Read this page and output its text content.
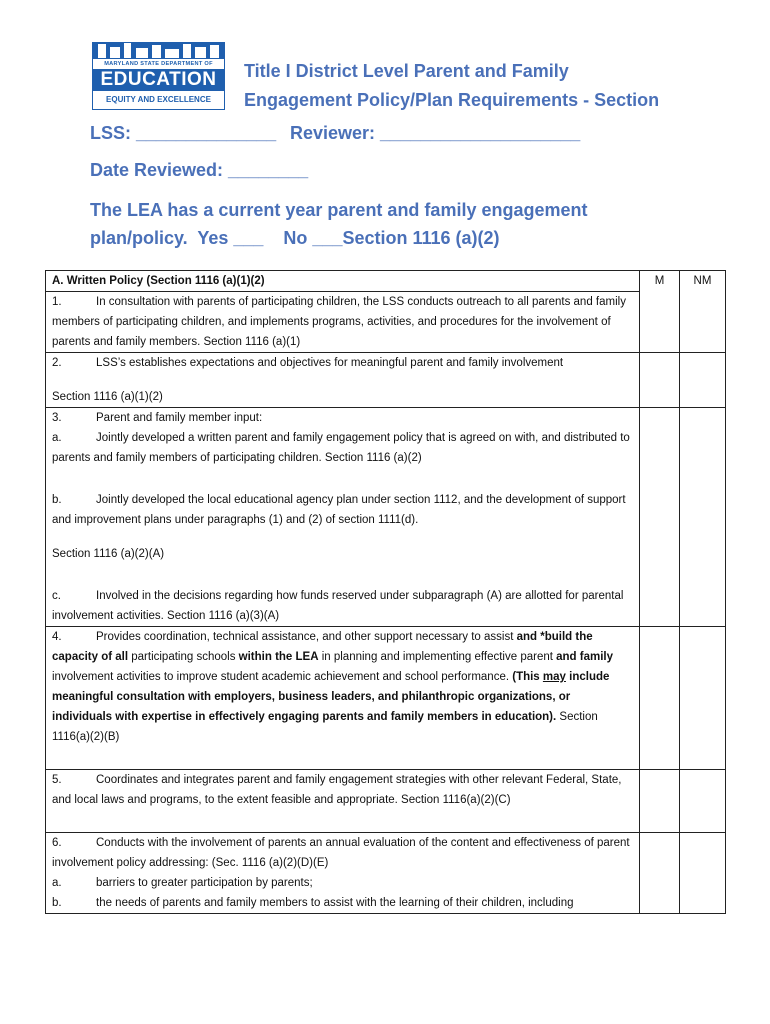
MARYLAND STATE DEPARTMENT OF
EDUCATION
EQUITY AND EXCELLENCE
Title I District Level Parent and Family
Engagement Policy/Plan Requirements - Section
LSS: ______________ Reviewer: ____________________
Date Reviewed: ________
The LEA has a current year parent and family engagement
plan/policy.  Yes ___    No ___Section 1116 (a)(2)
A. Written Policy (Section 1116 (a)(1)(2)	M	NM
1. In consultation with parents of participating children, the LSS conducts outreach to all parents and family members of participating children, and implements programs, activities, and procedures for the involvement of parents and family members. Section 1116 (a)(1)		
2. LSS’s establishes expectations and objectives for meaningful parent and family involvement
Section 1116 (a)(1)(2)		

3. Parent and family member input:
a. Jointly developed a written parent and family engagement policy that is agreed on with, and distributed to parents and family members of participating children. Section 1116 (a)(2)
b. Jointly developed the local educational agency plan under section 1112, and the development of support and improvement plans under paragraphs (1) and (2) of section 1111(d).
Section 1116 (a)(2)(A)
c. Involved in the decisions regarding how funds reserved under subparagraph (A) are allotted for parental involvement activities. Section 1116 (a)(3)(A)		

4. Provides coordination, technical assistance, and other support necessary to assist and *build the capacity of all participating schools within the LEA in planning and implementing effective parent and family involvement activities to improve student academic achievement and school performance. (This may include meaningful consultation with employers, business leaders, and philanthropic organizations, or individuals with expertise in effectively engaging parents and family members in education). Section 1116(a)(2)(B)

5. Coordinates and integrates parent and family engagement strategies with other relevant Federal, State, and local laws and programs, to the extent feasible and appropriate. Section 1116(a)(2)(C)

6. Conducts with the involvement of parents an annual evaluation of the content and effectiveness of parent involvement policy addressing: (Sec. 1116 (a)(2)(D)(E)
a. barriers to greater participation by parents;
b. the needs of parents and family members to assist with the learning of their children, including		
